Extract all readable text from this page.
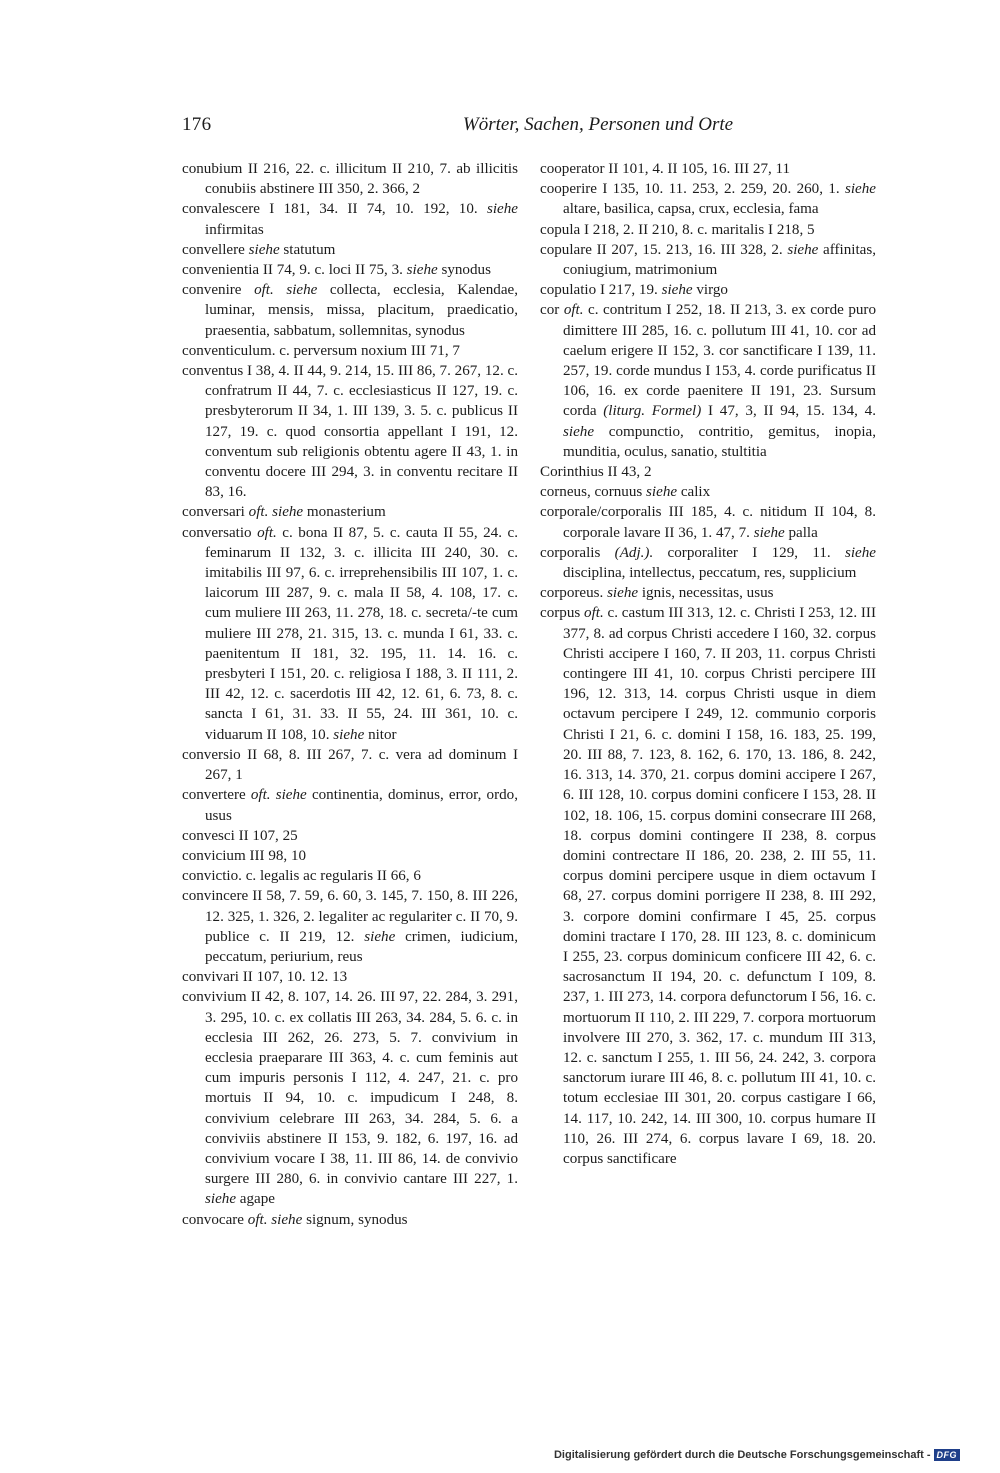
176	Wörter, Sachen, Personen und Orte
conubium II 216, 22. c. illicitum II 210, 7. ab illicitis conubiis abstinere III 350, 2. 366, 2
convalescere I 181, 34. II 74, 10. 192, 10. siehe infirmitas
convellere siehe statutum
convenientia II 74, 9. c. loci II 75, 3. siehe synodus
convenire oft. siehe collecta, ecclesia, Kalendae, luminar, mensis, missa, placitum, praedicatio, praesentia, sabbatum, sollemnitas, synodus
conventiculum. c. perversum noxium III 71, 7
conventus I 38, 4. II 44, 9. 214, 15. III 86, 7. 267, 12. c. confratrum II 44, 7. c. ecclesiasticus II 127, 19. c. presbyterorum II 34, 1. III 139, 3. 5. c. publicus II 127, 19. c. quod consortia appellant I 191, 12. conventum sub religionis obtentu agere II 43, 1. in conventu docere III 294, 3. in conventu recitare II 83, 16.
conversari oft. siehe monasterium
conversatio oft. c. bona II 87, 5. c. cauta II 55, 24. c. feminarum II 132, 3. c. illicita III 240, 30. c. imitabilis III 97, 6. c. irreprehensibilis III 107, 1. c. laicorum III 287, 9. c. mala II 58, 4. 108, 17. c. cum muliere III 263, 11. 278, 18. c. secreta/-te cum muliere III 278, 21. 315, 13. c. munda I 61, 33. c. paenitentum II 181, 32. 195, 11. 14. 16. c. presbyteri I 151, 20. c. religiosa I 188, 3. II 111, 2. III 42, 12. c. sacerdotis III 42, 12. 61, 6. 73, 8. c. sancta I 61, 31. 33. II 55, 24. III 361, 10. c. viduarum II 108, 10. siehe nitor
conversio II 68, 8. III 267, 7. c. vera ad dominum I 267, 1
convertere oft. siehe continentia, dominus, error, ordo, usus
convesci II 107, 25
convicium III 98, 10
convictio. c. legalis ac regularis II 66, 6
convincere II 58, 7. 59, 6. 60, 3. 145, 7. 150, 8. III 226, 12. 325, 1. 326, 2. legaliter ac regulariter c. II 70, 9. publice c. II 219, 12. siehe crimen, iudicium, peccatum, periurium, reus
convivari II 107, 10. 12. 13
convivium II 42, 8. 107, 14. 26. III 97, 22. 284, 3. 291, 3. 295, 10. c. ex collatis III 263, 34. 284, 5. 6. c. in ecclesia III 262, 26. 273, 5. 7. convivium in ecclesia praeparare III 363, 4. c. cum feminis aut cum impuris personis I 112, 4. 247, 21. c. pro mortuis II 94, 10. c. impudicum I 248, 8. convivium celebrare III 263, 34. 284, 5. 6. a conviviis abstinere II 153, 9. 182, 6. 197, 16. ad convivium vocare I 38, 11. III 86, 14. de convivio surgere III 280, 6. in convivio cantare III 227, 1. siehe agape
convocare oft. siehe signum, synodus
cooperator II 101, 4. II 105, 16. III 27, 11
cooperire I 135, 10. 11. 253, 2. 259, 20. 260, 1. siehe altare, basilica, capsa, crux, ecclesia, fama
copula I 218, 2. II 210, 8. c. maritalis I 218, 5
copulare II 207, 15. 213, 16. III 328, 2. siehe affinitas, coniugium, matrimonium
copulatio I 217, 19. siehe virgo
cor oft. c. contritum I 252, 18. II 213, 3. ex corde puro dimittere III 285, 16. c. pollutum III 41, 10. cor ad caelum erigere II 152, 3. cor sanctificare I 139, 11. 257, 19. corde mundus I 153, 4. corde purificatus II 106, 16. ex corde paenitere II 191, 23. Sursum corda (liturg. Formel) I 47, 3, II 94, 15. 134, 4. siehe compunctio, contritio, gemitus, inopia, munditia, oculus, sanatio, stultitia
Corinthius II 43, 2
corneus, cornuus siehe calix
corporale/corporalis III 185, 4. c. nitidum II 104, 8. corporale lavare II 36, 1. 47, 7. siehe palla
corporalis (Adj.). corporaliter I 129, 11. siehe disciplina, intellectus, peccatum, res, supplicium
corporeus. siehe ignis, necessitas, usus
corpus oft. c. castum III 313, 12. c. Christi I 253, 12. III 377, 8. ad corpus Christi accedere I 160, 32. corpus Christi accipere I 160, 7. II 203, 11. corpus Christi contingere III 41, 10. corpus Christi percipere III 196, 12. 313, 14. corpus Christi usque in diem octavum percipere I 249, 12. communio corporis Christi I 21, 6. c. domini I 158, 16. 183, 25. 199, 20. III 88, 7. 123, 8. 162, 6. 170, 13. 186, 8. 242, 16. 313, 14. 370, 21. corpus domini accipere I 267, 6. III 128, 10. corpus domini conficere I 153, 28. II 102, 18. 106, 15. corpus domini consecrare III 268, 18. corpus domini contingere II 238, 8. corpus domini contrectare II 186, 20. 238, 2. III 55, 11. corpus domini percipere usque in diem octavum I 68, 27. corpus domini porrigere II 238, 8. III 292, 3. corpore domini confirmare I 45, 25. corpus domini tractare I 170, 28. III 123, 8. c. dominicum I 255, 23. corpus dominicum conficere III 42, 6. c. sacrosanctum II 194, 20. c. defunctum I 109, 8. 237, 1. III 273, 14. corpora defunctorum I 56, 16. c. mortuorum II 110, 2. III 229, 7. corpora mortuorum involvere III 270, 3. 362, 17. c. mundum III 313, 12. c. sanctum I 255, 1. III 56, 24. 242, 3. corpora sanctorum iurare III 46, 8. c. pollutum III 41, 10. c. totum ecclesiae III 301, 20. corpus castigare I 66, 14. 117, 10. 242, 14. III 300, 10. corpus humare II 110, 26. III 274, 6. corpus lavare I 69, 18. 20. corpus sanctificare
Digitalisierung gefördert durch die Deutsche Forschungsgemeinschaft - DFG
